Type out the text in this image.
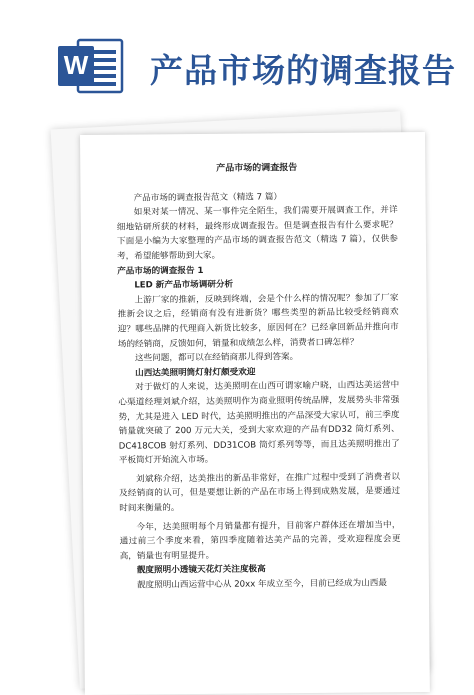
W 产品市场的调查报告
产品市场的调查报告

产品市场的调查报告范文（精选 7 篇）

如果对某一情况、某一事件完全陌生，我们需要开展调查工作，并详细地钻研所获的材料，最终形成调查报告。但是调查报告有什么要求呢？下面是小编为大家整理的产品市场的调查报告范文（精选 7 篇），仅供参考，希望能够帮助到大家。

产品市场的调查报告 1

LED 新产品市场调研分析

上游厂家的推新，反映到终端，会是个什么样的情况呢？参加了厂家推新会议之后，经销商有没有进新货？哪些类型的新品比较受经销商欢迎？哪些品牌的代理商入新货比较多，原因何在？已经拿回新品并推向市场的经销商，反馈如何，销量和成绩怎么样，消费者口碑怎样？

这些问题，都可以在经销商那儿得到答案。

山西达美照明筒灯射灯颇受欢迎

对于做灯的人来说，达美照明在山西可谓家喻户晓，山西达美运营中心渠道经理刘斌介绍，达美照明作为商业照明传统品牌，发展势头非常强势，尤其是进入 LED 时代，达美照明推出的产品深受大家认可，前三季度销量就突破了 200 万元大关，受到大家欢迎的产品有DD32 筒灯系列、DC418COB 射灯系列、DD31COB 筒灯系列等等，而且达美照明推出了平板筒灯开始流入市场。

刘斌称介绍，达美推出的新品非常好，在推广过程中受到了消费者以及经销商的认可，但是要想让新的产品在市场上得到成熟发展，是要通过时间来衡量的。

今年，达美照明每个月销量都有提升，目前客户群体还在增加当中，通过前三个季度来看，第四季度随着达美产品的完善，受欢迎程度会更高，销量也有明显提升。

靓度照明小透镜天花灯关注度极高

靓度照明山西运营中心从 20xx 年成立至今，目前已经成为山西最
